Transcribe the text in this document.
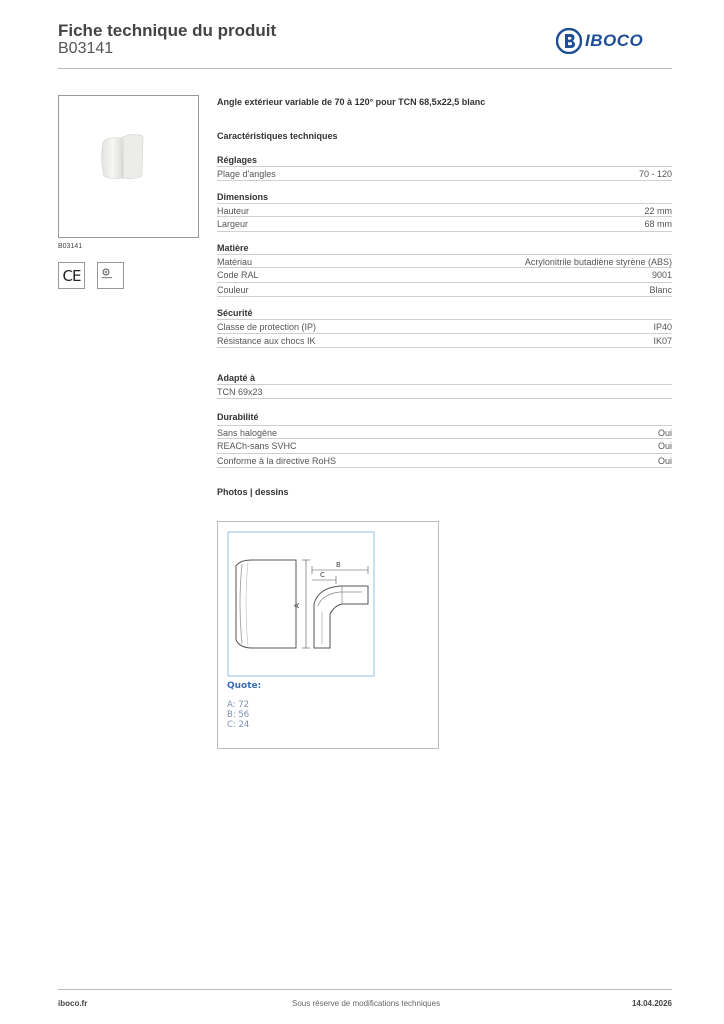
Fiche technique du produit
B03141	IBOCO
B03141
CE
Angle extérieur variable de 70 à 120° pour TCN 68,5x22,5 blanc
Caractéristiques techniques
Réglages
Plage d'angles	70 - 120
Dimensions
Hauteur	22 mm
Largeur	68 mm
Matière
Matériau	Acrylonitrile butadiène styrène (ABS)
Code RAL	9001
Couleur	Blanc
Sécurité
Classe de protection (IP)	IP40
Résistance aux chocs IK	IK07
Adapté à
TCN 69x23
Durabilité
Sans halogène	Oui
REACh-sans SVHC	Oui
Conforme à la directive RoHS	Oui
Photos | dessins
A
B
C
Quote:
A: 72
B: 56
C: 24
iboco.fr	Sous réserve de modifications techniques	14.04.2026
